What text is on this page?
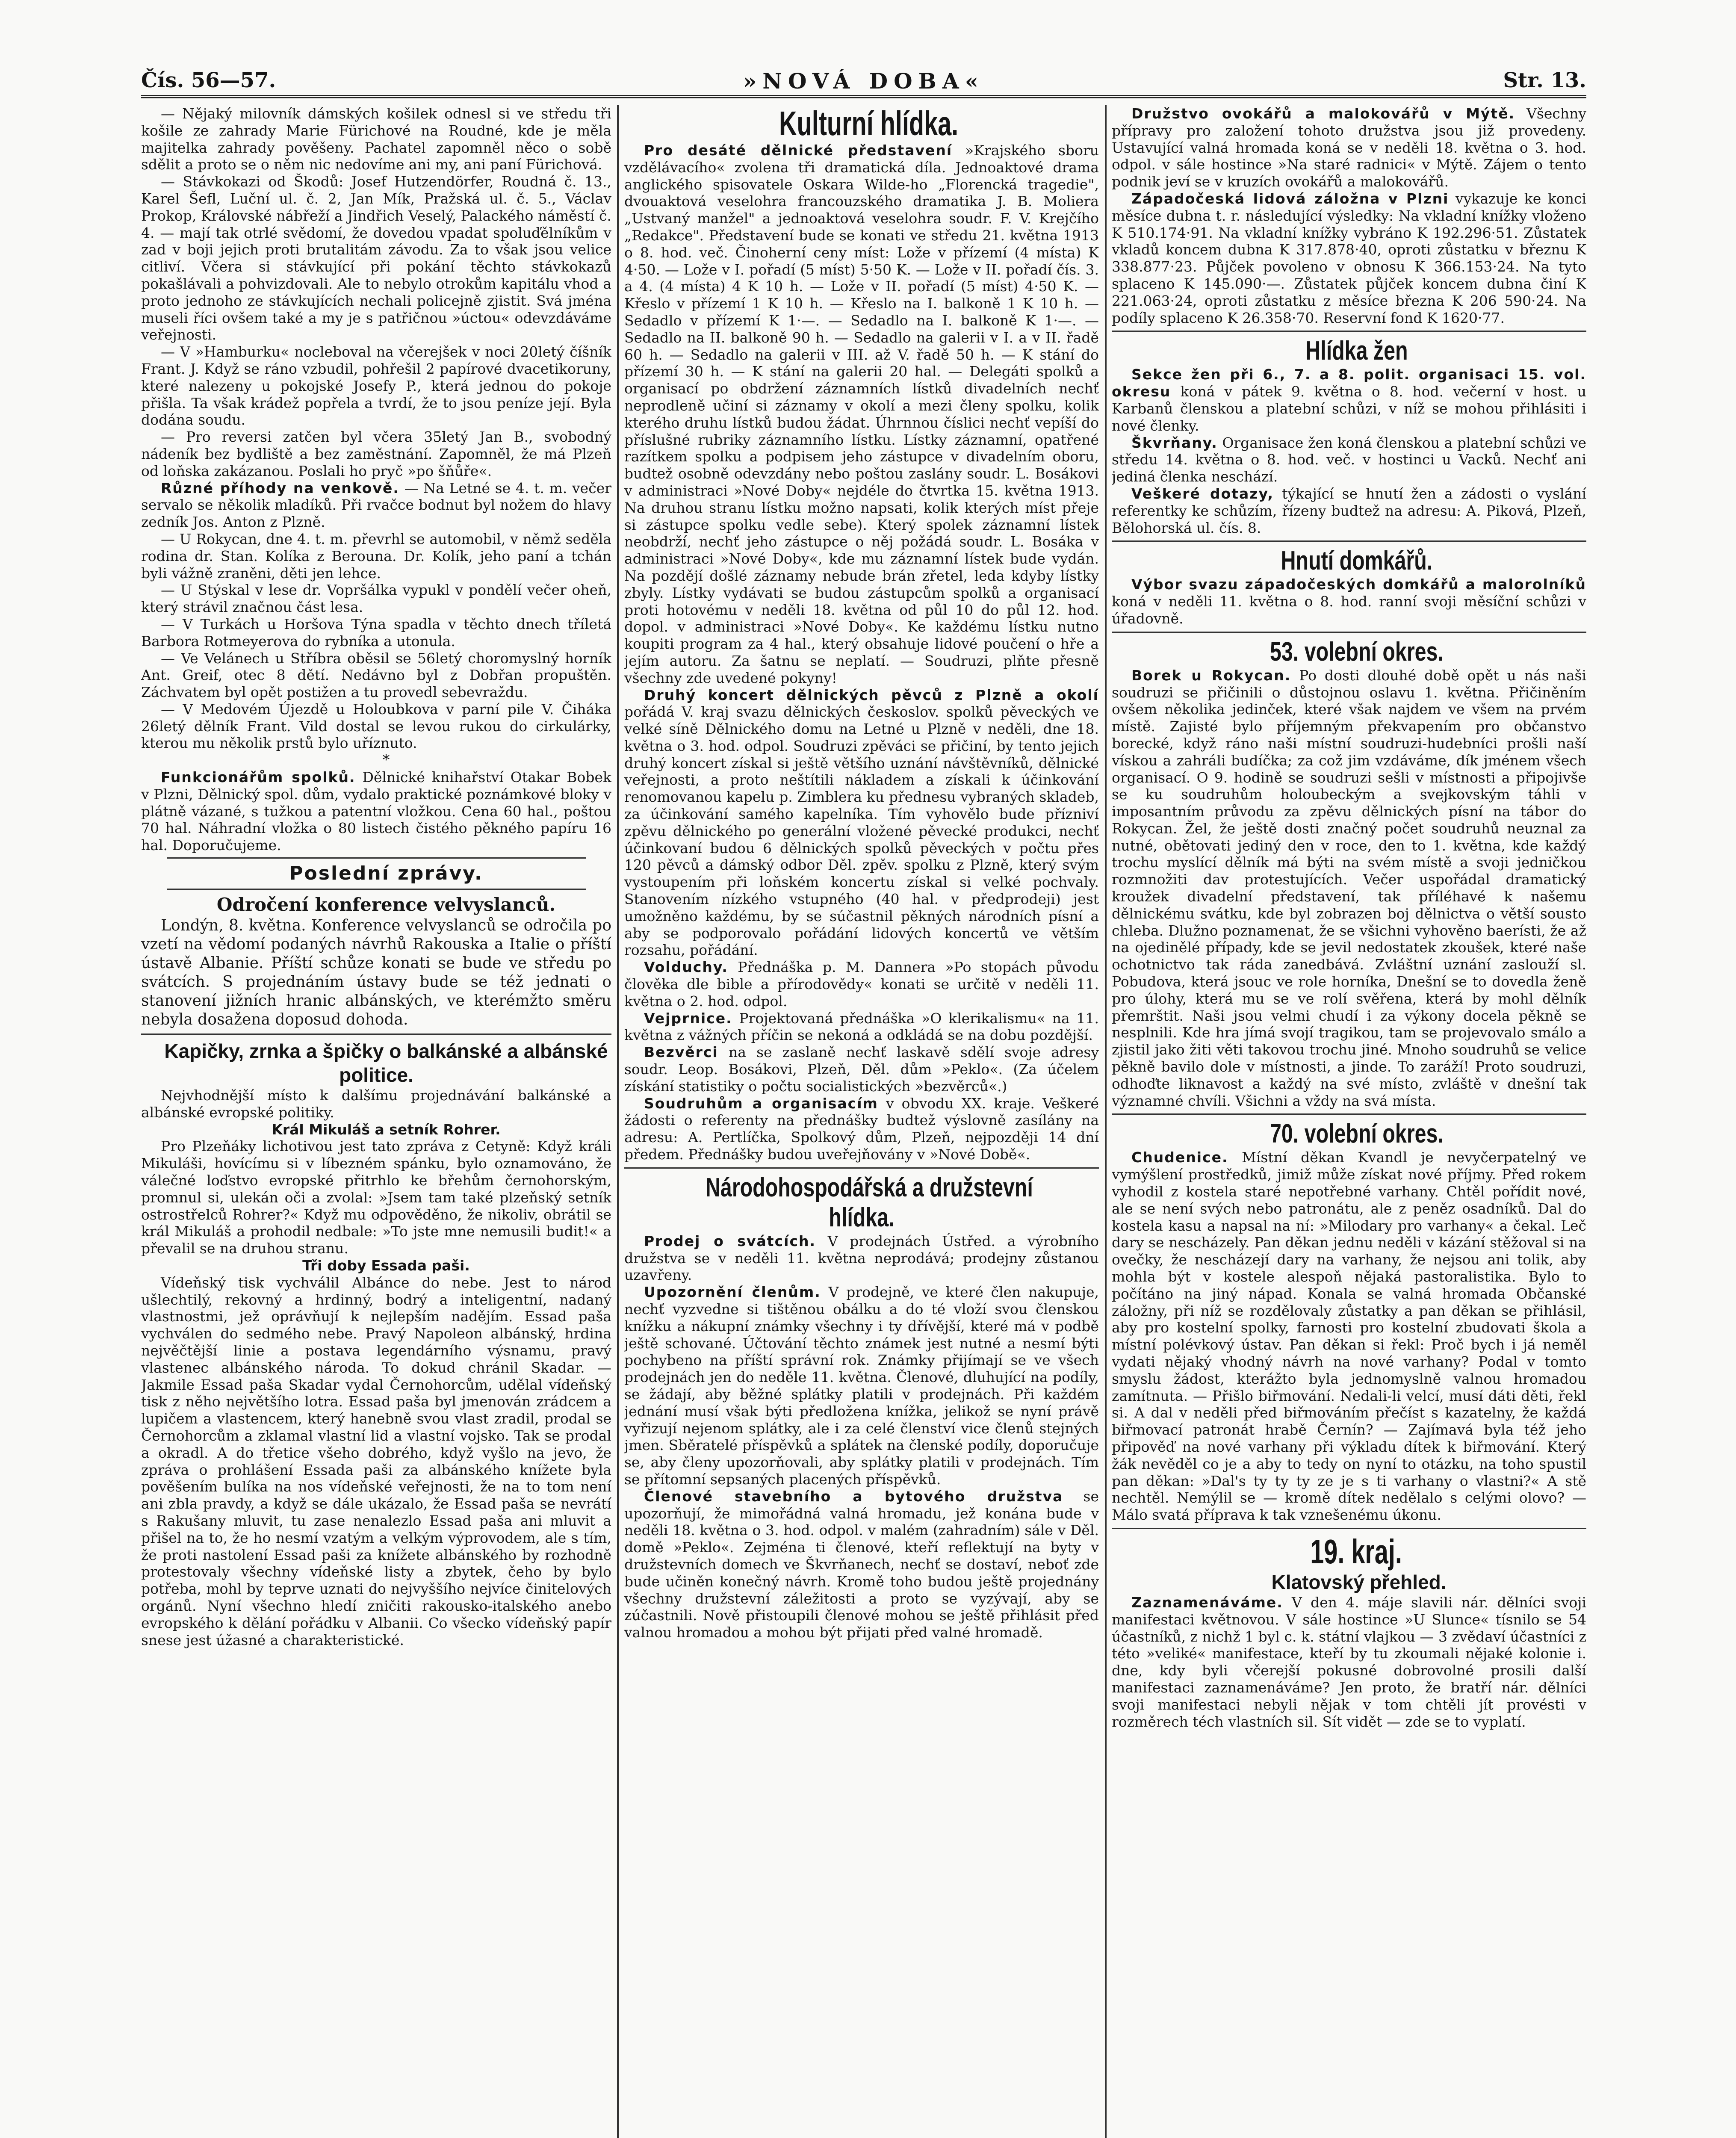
Čís. 56—57.	»NOVÁ DOBA«	Str. 13.

— Nějaký milovník dámských košilek odnesl si ve středu tři košile ze zahrady Marie Fürichové na Roudné, kde je měla majitelka zahrady pověšeny. Pachatel zapomněl něco o sobě sdělit a proto se o něm nic nedovíme ani my, ani paní Fürichová.

— Stávkokazi od Škodů: Josef Hutzendörfer, Roudná č. 13., Karel Šefl, Luční ul. č. 2, Jan Mík, Pražská ul. č. 5., Václav Prokop, Královské nábřeží a Jindřich Veselý, Palackého náměstí č. 4. — mají tak otrlé svědomí, že dovedou vpadat spoluďělníkům v zad v boji jejich proti brutalitám závodu. Za to však jsou velice citliví. Včera si stávkující při pokání těchto stávkokazů pokašlávali a pohvizdovali. Ale to nebylo otrokům kapitálu vhod a proto jednoho ze stávkujících nechali policejně zjistit. Svá jména museli říci ovšem také a my je s patřičnou »úctou« odevzdáváme veřejnosti.

— V »Hamburku« nocleboval na včerejšek v noci 20letý číšník Frant. J. Když se ráno vzbudil, pohřešil 2 papírové dvacetikoruny, které nalezeny u pokojské Josefy P., která jednou do pokoje přišla. Ta však krádež popřela a tvrdí, že to jsou peníze její. Byla dodána soudu.

— Pro reversi zatčen byl včera 35letý Jan B., svobodný nádeník bez bydliště a bez zaměstnání. Zapomněl, že má Plzeň od loňska zakázanou. Poslali ho pryč »po šňůře«.

Různé příhody na venkově. — Na Letné se 4. t. m. večer servalo se několik mladíků. Při rvačce bodnut byl nožem do hlavy zedník Jos. Anton z Plzně.

— U Rokycan, dne 4. t. m. převrhl se automobil, v němž seděla rodina dr. Stan. Kolíka z Berouna. Dr. Kolík, jeho paní a tchán byli vážně zraněni, děti jen lehce.

— U Stýskal v lese dr. Vopršálka vypukl v pondělí večer oheň, který strávil značnou část lesa.

— V Turkách u Horšova Týna spadla v těchto dnech tříletá Barbora Rotmeyerova do rybníka a utonula.

— Ve Velánech u Stříbra oběsil se 56letý choromyslný horník Ant. Greif, otec 8 dětí. Nedávno byl z Dobřan propuštěn. Záchvatem byl opět postižen a tu provedl sebevraždu.

— V Medovém Újezdě u Holoubkova v parní pile V. Čiháka 26letý dělník Frant. Vild dostal se levou rukou do cirkulárky, kterou mu několik prstů bylo uříznuto.

*

Funkcionářům spolků. Dělnické knihařství Otakar Bobek v Plzni, Dělnický spol. dům, vydalo praktické poznámkové bloky v plátně vázané, s tužkou a patentní vložkou. Cena 60 hal., poštou 70 hal. Náhradní vložka o 80 listech čistého pěkného papíru 16 hal. Doporučujeme.

Poslední zprávy.

Odročení konference velvyslanců.

Londýn, 8. května. Konference velvyslanců se odročila po vzetí na vědomí podaných návrhů Rakouska a Italie o příští ústavě Albanie. Příští schůze konati se bude ve středu po svátcích. S projednáním ústavy bude se též jednati o stanovení jižních hranic albánských, ve kterémžto směru nebyla dosažena doposud dohoda.

Kapičky, zrnka a špičky o balkánské a albánské politice.

Nejvhodnější místo k dalšímu projednávání balkánské a albánské evropské politiky.

Král Mikuláš a setník Rohrer.

Pro Plzeňáky lichotivou jest tato zpráva z Cetyně: Když králi Mikuláši, hovícímu si v líbezném spánku, bylo oznamováno, že válečné loďstvo evropské přitrhlo ke břehům černohorským, promnul si, ulekán oči a zvolal: »Jsem tam také plzeňský setník ostrostřelců Rohrer?« Když mu odpověděno, že nikoliv, obrátil se král Mikuláš a prohodil nedbale: »To jste mne nemusili budit!« a převalil se na druhou stranu.

Tři doby Essada paši.

Vídeňský tisk vychválil Albánce do nebe. Jest to národ ušlechtilý, rekovný a hrdinný, bodrý a inteligentní, nadaný vlastnostmi, jež oprávňují k nejlepším nadějím. Essad paša vychválen do sedmého nebe. Pravý Napoleon albánský, hrdina nejvěčtější linie a postava legendárního výsnamu, pravý vlastenec albánského národa. To dokud chránil Skadar. — Jakmile Essad paša Skadar vydal Černohorcům, udělal vídeňský tisk z něho největšího lotra. Essad paša byl jmenován zrádcem a lupičem a vlastencem, který hanebně svou vlast zradil, prodal se Černohorcům a zklamal vlastní lid a vlastní vojsko. Tak se prodal a okradl. A do třetice všeho dobrého, když vyšlo na jevo, že zpráva o prohlášení Essada paši za albánského knížete byla pověšením bulíka na nos vídeňské veřejnosti, že na to tom není ani zbla pravdy, a když se dále ukázalo, že Essad paša se nevrátí s Rakušany mluvit, tu zase nenalezlo Essad paša ani mluvit a přišel na to, že ho nesmí vzatým a velkým výprovodem, ale s tím, že proti nastolení Essad paši za knížete albánského by rozhodně protestovaly všechny vídeňské listy a zbytek, čeho by bylo potřeba, mohl by teprve uznati do nejvyššího nejvíce činitelových orgánů. Nyní všechno hledí zničiti rakousko-italského anebo evropského k dělání pořádku v Albanii. Co všecko vídeňský papír snese jest úžasné a charakteristické.

Kulturní hlídka.

Pro desáté dělnické představení »Krajského sboru vzdělávacího« zvolena tři dramatická díla. Jednoaktové drama anglického spisovatele Oskara Wilde-ho „Florencká tragedie", dvouaktová veselohra francouzského dramatika J. B. Moliera „Ustvaný manžel" a jednoaktová veselohra soudr. F. V. Krejčího „Redakce". Představení bude se konati ve středu 21. května 1913 o 8. hod. več. Činoherní ceny míst: Lože v přízemí (4 místa) K 4·50. — Lože v I. pořadí (5 míst) 5·50 K. — Lože v II. pořadí čís. 3. a 4. (4 místa) 4 K 10 h. — Lože v II. pořadí (5 míst) 4·50 K. — Křeslo v přízemí 1 K 10 h. — Křeslo na I. balkoně 1 K 10 h. — Sedadlo v přízemí K 1·—. — Sedadlo na I. balkoně K 1·—. — Sedadlo na II. balkoně 90 h. — Sedadlo na galerii v I. a v II. řadě 60 h. — Sedadlo na galerii v III. až V. řadě 50 h. — K stání do přízemí 30 h. — K stání na galerii 20 hal. — Delegáti spolků a organisací po obdržení záznamních lístků divadelních nechť neprodleně učiní si záznamy v okolí a mezi členy spolku, kolik kterého druhu lístků budou žádat. Úhrnnou číslici nechť vepíší do příslušné rubriky záznamního lístku. Lístky záznamní, opatřené razítkem spolku a podpisem jeho zástupce v divadelním oboru, budtež osobně odevzdány nebo poštou zaslány soudr. L. Bosákovi v administraci »Nové Doby« nejdéle do čtvrtka 15. května 1913. Na druhou stranu lístku možno napsati, kolik kterých míst přeje si zástupce spolku vedle sebe). Který spolek záznamní lístek neobdrží, nechť jeho zástupce o něj požádá soudr. L. Bosáka v administraci »Nové Doby«, kde mu záznamní lístek bude vydán. Na pozdějí došlé záznamy nebude brán zřetel, leda kdyby lístky zbyly. Lístky vydávati se budou zástupcům spolků a organisací proti hotovému v neděli 18. května od půl 10 do půl 12. hod. dopol. v administraci »Nové Doby«. Ke každému lístku nutno koupiti program za 4 hal., který obsahuje lidové poučení o hře a jejím autoru. Za šatnu se neplatí. — Soudruzi, plňte přesně všechny zde uvedené pokyny!

Druhý koncert dělnických pěvců z Plzně a okolí pořádá V. kraj svazu dělnických českoslov. spolků pěveckých ve velké síně Dělnického domu na Letné u Plzně v neděli, dne 18. května o 3. hod. odpol. Soudruzi zpěváci se přičiní, by tento jejich druhý koncert získal si ještě většího uznání návštěvníků, dělnické veřejnosti, a proto neštítili nákladem a získali k účinkování renomovanou kapelu p. Zimblera ku přednesu vybraných skladeb, za účinkování samého kapelníka. Tím vyhovělo bude přízniví zpěvu dělnického po generální vložené pěvecké produkci, nechť účinkovaní budou 6 dělnických spolků pěveckých v počtu přes 120 pěvců a dámský odbor Děl. zpěv. spolku z Plzně, který svým vystoupením při loňském koncertu získal si velké pochvaly. Stanovením nízkého vstupného (40 hal. v předprodeji) jest umožněno každému, by se súčastnil pěkných národních písní a aby se podporovalo pořádání lidových koncertů ve větším rozsahu, pořádání.

Volduchy. Přednáška p. M. Dannera »Po stopách původu člověka dle bible a přírodovědy« konati se určitě v neděli 11. května o 2. hod. odpol.

Vejprnice. Projektovaná přednáška »O klerikalismu« na 11. května z vážných příčin se nekoná a odkládá se na dobu pozdější.

Bezvěrci na se zaslaně nechť laskavě sdělí svoje adresy soudr. Leop. Bosákovi, Plzeň, Děl. dům »Peklo«. (Za účelem získání statistiky o počtu socialistických »bezvěrců«.)

Soudruhům a organisacím v obvodu XX. kraje. Veškeré žádosti o referenty na přednášky budtež výslovně zasílány na adresu: A. Pertlíčka, Spolkový dům, Plzeň, nejpozději 14 dní předem. Přednášky budou uveřejňovány v »Nové Době«.

Národohospodářská a družstevní hlídka.

Prodej o svátcích. V prodejnách Ústřed. a výrobního družstva se v neděli 11. května neprodává; prodejny zůstanou uzavřeny.

Upozornění členům. V prodejně, ve které člen nakupuje, nechť vyzvedne si tištěnou obálku a do té vloží svou členskou knížku a nákupní známky všechny i ty dřívější, které má v podbě ještě schované. Účtování těchto známek jest nutné a nesmí býti pochybeno na příští správní rok. Známky přijímají se ve všech prodejnách jen do neděle 11. května. Členové, dluhující na podíly, se žádají, aby běžné splátky platili v prodejnách. Při každém jednání musí však býti předložena knížka, jelikož se nyní právě vyřizují nejenom splátky, ale i za celé členství vice členů stejných jmen. Sběratelé příspěvků a splátek na členské podíly, doporučuje se, aby členy upozorňovali, aby splátky platili v prodejnách. Tím se přítomní sepsaných placených příspěvků.

Členové stavebního a bytového družstva se upozorňují, že mimořádná valná hromadu, jež konána bude v neděli 18. května o 3. hod. odpol. v malém (zahradním) sále v Děl. domě »Peklo«. Zejména ti členové, kteří reflektují na byty v družstevních domech ve Škvrňanech, nechť se dostaví, neboť zde bude učiněn konečný návrh. Kromě toho budou ještě projednány všechny družstevní záležitosti a proto se vyzývají, aby se zúčastnili. Nově přistoupili členové mohou se ještě přihlásit před valnou hromadou a mohou být přijati před valné hromadě.

Družstvo ovokářů a malokovářů v Mýtě. Všechny přípravy pro založení tohoto družstva jsou již provedeny. Ustavující valná hromada koná se v neděli 18. května o 3. hod. odpol. v sále hostince »Na staré radnici« v Mýtě. Zájem o tento podnik jeví se v kruzích ovokářů a malokovářů.

Západočeská lidová záložna v Plzni vykazuje ke konci měsíce dubna t. r. následující výsledky: Na vkladní knížky vloženo K 510.174·91. Na vkladní knížky vybráno K 192.296·51. Zůstatek vkladů koncem dubna K 317.878·40, oproti zůstatku v březnu K 338.877·23. Půjček povoleno v obnosu K 366.153·24. Na tyto splaceno K 145.090·—. Zůstatek půjček koncem dubna činí K 221.063·24, oproti zůstatku z měsíce března K 206 590·24. Na podíly splaceno K 26.358·70. Reservní fond K 1620·77.

Hlídka žen

Sekce žen při 6., 7. a 8. polit. organisaci 15. vol. okresu koná v pátek 9. května o 8. hod. večerní v host. u Karbanů členskou a platební schůzi, v níž se mohou přihlásiti i nové členky.

Škvrňany. Organisace žen koná členskou a platební schůzi ve středu 14. května o 8. hod. več. v hostinci u Vacků. Nechť ani jediná členka neschází.

Veškeré dotazy, týkající se hnutí žen a zádosti o vyslání referentky ke schůzím, řízeny budtež na adresu: A. Piková, Plzeň, Bělohorská ul. čís. 8.

Hnutí domkářů.

Výbor svazu západočeských domkářů a malorolníků koná v neděli 11. května o 8. hod. ranní svoji měsíční schůzi v úřadovně.

53. volební okres.

Borek u Rokycan. Po dosti dlouhé době opět u nás naši soudruzi se přičinili o důstojnou oslavu 1. května. Přičiněním ovšem několika jedinček, které však najdem ve všem na prvém místě. Zajisté bylo příjemným překvapením pro občanstvo borecké, když ráno naši místní soudruzi-hudebníci prošli naší vískou a zahráli budíčka; za což jim vzdáváme, dík jménem všech organisací. O 9. hodině se soudruzi sešli v místnosti a připojivše se ku soudruhům holoubeckým a svejkovským táhli v imposantním průvodu za zpěvu dělnických písní na tábor do Rokycan. Žel, že ještě dosti značný počet soudruhů neuznal za nutné, obětovati jediný den v roce, den to 1. května, kde každý trochu myslící dělník má býti na svém místě a svoji jedničkou rozmnožiti dav protestujících. Večer uspořádal dramatický kroužek divadelní představení, tak příléhavé k našemu dělnickému svátku, kde byl zobrazen boj dělnictva o větší sousto chleba. Dlužno poznamenat, že se všichni vyhověno baerísti, že až na ojedinělé případy, kde se jevil nedostatek zkoušek, které naše ochotnictvo tak ráda zanedbává. Zvláštní uznání zaslouží sl. Pobudova, která jsouc ve role horníka, Dnešní se to dovedla ženě pro úlohy, která mu se ve rolí svěřena, která by mohl dělník přemrštit. Naši jsou velmi chudí i za výkony docela pěkně se nesplnili. Kde hra jímá svojí tragikou, tam se projevovalo smálo a zjistil jako žiti věti takovou trochu jiné. Mnoho soudruhů se velice pěkně bavilo dole v místnosti, a jinde. To zaráží! Proto soudruzi, odhoďte liknavost a každý na své místo, zvláště v dnešní tak významné chvíli. Všichni a vždy na svá místa.

70. volební okres.

Chudenice. Místní děkan Kvandl je nevyčerpatelný ve vymýšlení prostředků, jimiž může získat nové příjmy. Před rokem vyhodil z kostela staré nepotřebné varhany. Chtěl pořídit nové, ale se není svých nebo patronátu, ale z peněz osadníků. Dal do kostela kasu a napsal na ní: »Milodary pro varhany« a čekal. Leč dary se nescházely. Pan děkan jednu neděli v kázání stěžoval si na ovečky, že nescházejí dary na varhany, že nejsou ani tolik, aby mohla být v kostele alespoň nějaká pastoralistika. Bylo to počítáno na jiný nápad. Konala se valná hromada Občanské záložny, při níž se rozdělovaly zůstatky a pan děkan se přihlásil, aby pro kostelní spolky, farnosti pro kostelní zbudovati škola a místní polévkový ústav. Pan děkan si řekl: Proč bych i já neměl vydati nějaký vhodný návrh na nové varhany? Podal v tomto smyslu žádost, kterážto byla jednomyslně valnou hromadou zamítnuta. — Přišlo biřmování. Nedali-li velcí, musí dáti děti, řekl si. A dal v neděli před biřmováním přečíst s kazatelny, že každá biřmovací patronát hrabě Černín? — Zajímavá byla též jeho připověď na nové varhany při výkladu dítek k biřmování. Který žák nevěděl co je a aby to tedy on nyní to otázku, na toho spustil pan děkan: »Dal's ty ty ty ze je s ti varhany o vlastni?« A stě nechtěl. Nemýlil se — kromě dítek nedělalo s celými olovo? — Málo svatá příprava k tak vznešenému úkonu.

19. kraj.

Klatovský přehled.

Zaznamenáváme. V den 4. máje slavili nár. dělníci svoji manifestaci květnovou. V sále hostince »U Slunce« tísnilo se 54 účastníků, z nichž 1 byl c. k. státní vlajkou — 3 zvědaví účastníci z této »veliké« manifestace, kteří by tu zkoumali nějaké kolonie i. dne, kdy byli včerejší pokusné dobrovolné prosili další manifestaci zaznamenáváme? Jen proto, že bratří nár. dělníci svoji manifestaci nebyli nějak v tom chtěli jít provésti v rozměrech téch vlastních sil. Sít vidět — zde se to vyplatí.
